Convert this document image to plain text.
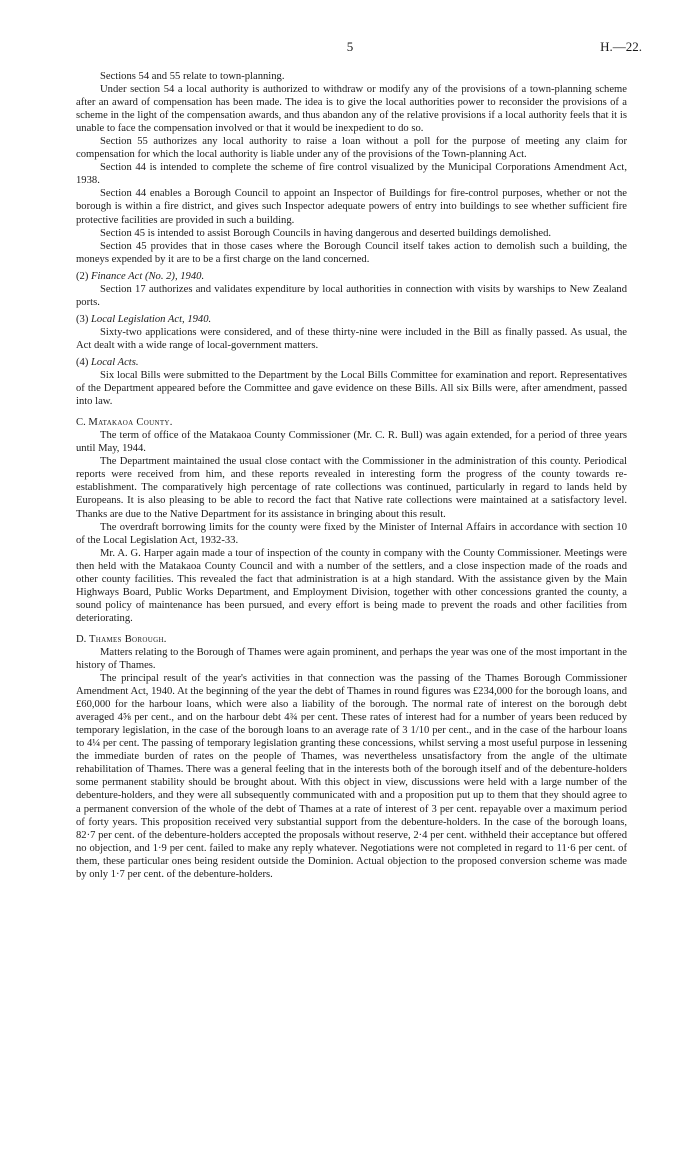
5	H.—22.

Sections 54 and 55 relate to town-planning.

Under section 54 a local authority is authorized to withdraw or modify any of the provisions of a town-planning scheme after an award of compensation has been made. The idea is to give the local authorities power to reconsider the provisions of a scheme in the light of the compensation awards, and thus abandon any of the relative provisions if a local authority feels that it is unable to face the compensation involved or that it would be inexpedient to do so.

Section 55 authorizes any local authority to raise a loan without a poll for the purpose of meeting any claim for compensation for which the local authority is liable under any of the provisions of the Town-planning Act.

Section 44 is intended to complete the scheme of fire control visualized by the Municipal Corporations Amendment Act, 1938.

Section 44 enables a Borough Council to appoint an Inspector of Buildings for fire-control purposes, whether or not the borough is within a fire district, and gives such Inspector adequate powers of entry into buildings to see whether sufficient fire protective facilities are provided in such a building.

Section 45 is intended to assist Borough Councils in having dangerous and deserted buildings demolished.

Section 45 provides that in those cases where the Borough Council itself takes action to demolish such a building, the moneys expended by it are to be a first charge on the land concerned.

(2) Finance Act (No. 2), 1940.

Section 17 authorizes and validates expenditure by local authorities in connection with visits by warships to New Zealand ports.

(3) Local Legislation Act, 1940.

Sixty-two applications were considered, and of these thirty-nine were included in the Bill as finally passed. As usual, the Act dealt with a wide range of local-government matters.

(4) Local Acts.

Six local Bills were submitted to the Department by the Local Bills Committee for examination and report. Representatives of the Department appeared before the Committee and gave evidence on these Bills. All six Bills were, after amendment, passed into law.

C. Matakaoa County.

The term of office of the Matakaoa County Commissioner (Mr. C. R. Bull) was again extended, for a period of three years until May, 1944.

The Department maintained the usual close contact with the Commissioner in the administration of this county. Periodical reports were received from him, and these reports revealed in interesting form the progress of the county towards re-establishment. The comparatively high percentage of rate collections was continued, particularly in regard to lands held by Europeans. It is also pleasing to be able to record the fact that Native rate collections were maintained at a satisfactory level. Thanks are due to the Native Department for its assistance in bringing about this result.

The overdraft borrowing limits for the county were fixed by the Minister of Internal Affairs in accordance with section 10 of the Local Legislation Act, 1932-33.

Mr. A. G. Harper again made a tour of inspection of the county in company with the County Commissioner. Meetings were then held with the Matakaoa County Council and with a number of the settlers, and a close inspection made of the roads and other county facilities. This revealed the fact that administration is at a high standard. With the assistance given by the Main Highways Board, Public Works Department, and Employment Division, together with other concessions granted the county, a sound policy of maintenance has been pursued, and every effort is being made to prevent the roads and other facilities from deteriorating.

D. Thames Borough.

Matters relating to the Borough of Thames were again prominent, and perhaps the year was one of the most important in the history of Thames.

The principal result of the year's activities in that connection was the passing of the Thames Borough Commissioner Amendment Act, 1940. At the beginning of the year the debt of Thames in round figures was £234,000 for the borough loans, and £60,000 for the harbour loans, which were also a liability of the borough. The normal rate of interest on the borough debt averaged 4⅝ per cent., and on the harbour debt 4¾ per cent. These rates of interest had for a number of years been reduced by temporary legislation, in the case of the borough loans to an average rate of 3 1/10 per cent., and in the case of the harbour loans to 4¼ per cent. The passing of temporary legislation granting these concessions, whilst serving a most useful purpose in lessening the immediate burden of rates on the people of Thames, was nevertheless unsatisfactory from the angle of the ultimate rehabilitation of Thames. There was a general feeling that in the interests both of the borough itself and of the debenture-holders some permanent stability should be brought about. With this object in view, discussions were held with a large number of the debenture-holders, and they were all subsequently communicated with and a proposition put up to them that they should agree to a permanent conversion of the whole of the debt of Thames at a rate of interest of 3 per cent. repayable over a maximum period of forty years. This proposition received very substantial support from the debenture-holders. In the case of the borough loans, 82·7 per cent. of the debenture-holders accepted the proposals without reserve, 2·4 per cent. withheld their acceptance but offered no objection, and 1·9 per cent. failed to make any reply whatever. Negotiations were not completed in regard to 11·6 per cent. of them, these particular ones being resident outside the Dominion. Actual objection to the proposed conversion scheme was made by only 1·7 per cent. of the debenture-holders.
